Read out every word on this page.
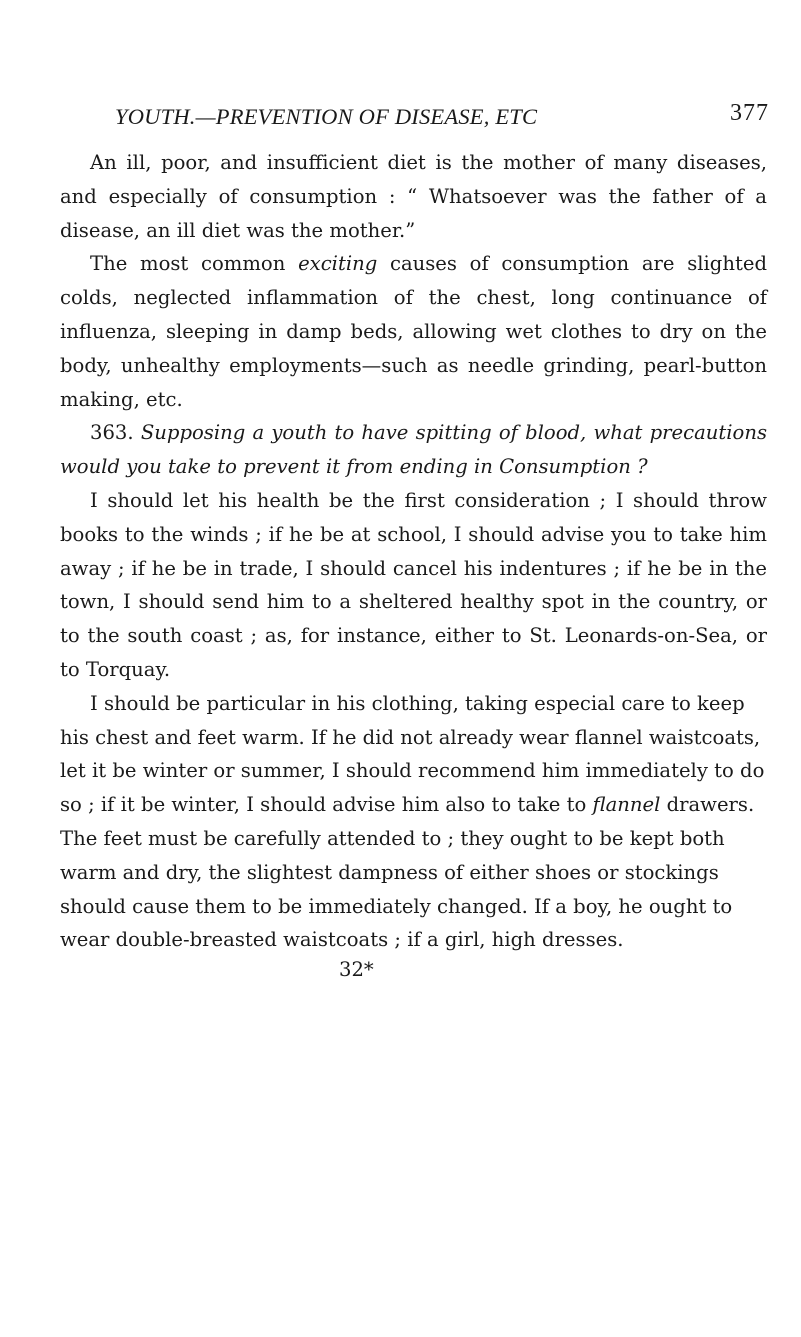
YOUTH.—PREVENTION OF DISEASE, ETC	377

An ill, poor, and insufficient diet is the mother of many diseases, and especially of consumption : “ Whatsoever was the father of a disease, an ill diet was the mother.”

The most common exciting causes of consumption are slighted colds, neglected inflammation of the chest, long continuance of influenza, sleeping in damp beds, allowing wet clothes to dry on the body, unhealthy employments—such as needle grinding, pearl-button making, etc.

363. Supposing a youth to have spitting of blood, what precautions would you take to prevent it from ending in Consumption ?

I should let his health be the first consideration ; I should throw books to the winds ; if he be at school, I should advise you to take him away ; if he be in trade, I should cancel his indentures ; if he be in the town, I should send him to a sheltered healthy spot in the country, or to the south coast ; as, for instance, either to St. Leonards-on-Sea, or to Torquay.

I should be particular in his clothing, taking especial care to keep his chest and feet warm. If he did not already wear flannel waistcoats, let it be winter or summer, I should recommend him immediately to do so ; if it be winter, I should advise him also to take to flannel drawers. The feet must be carefully attended to ; they ought to be kept both warm and dry, the slightest dampness of either shoes or stockings should cause them to be immediately changed. If a boy, he ought to wear double-breasted waistcoats ; if a girl, high dresses.

32*
